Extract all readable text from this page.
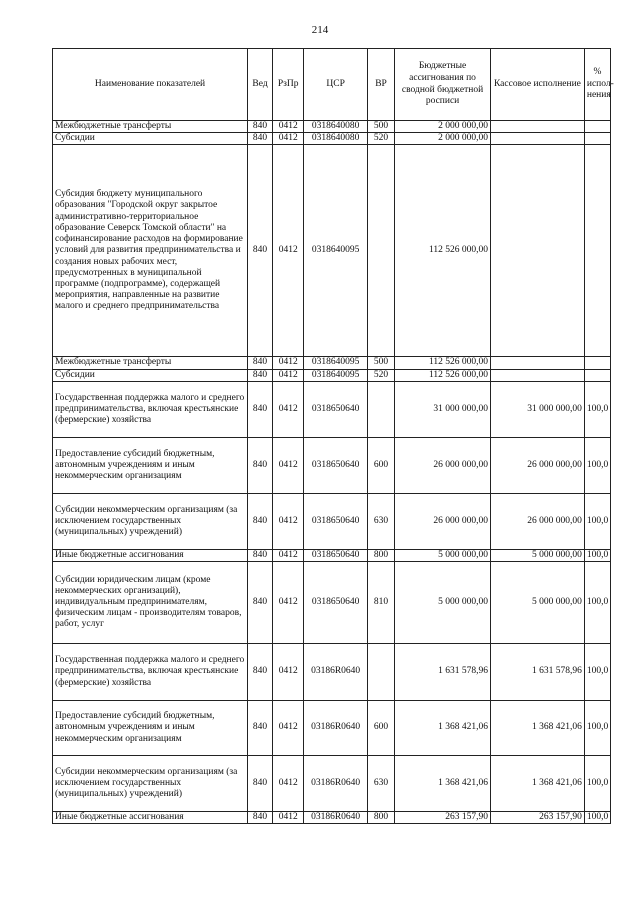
214
Наименование показателей	Вед	РзПр	ЦСР	ВР	Бюджетные ассигнования по сводной бюджетной росписи	Кассовое исполнение	% испол-нения
Межбюджетные трансферты	840	0412	0318640080	500	2 000 000,00		
Субсидии	840	0412	0318640080	520	2 000 000,00		
Субсидия бюджету муниципального образования "Городской округ закрытое административно-территориальное образование Северск Томской области" на софинансирование расходов на формирование условий для развития предпринимательства и создания новых рабочих мест, предусмотренных в муниципальной программе (подпрограмме), содержащей мероприятия, направленные на развитие малого и среднего предпринимательства	840	0412	0318640095		112 526 000,00		
Межбюджетные трансферты	840	0412	0318640095	500	112 526 000,00		
Субсидии	840	0412	0318640095	520	112 526 000,00		
Государственная поддержка малого и среднего предпринимательства, включая крестьянские (фермерские) хозяйства	840	0412	0318650640		31 000 000,00	31 000 000,00	100,0
Предоставление субсидий бюджетным, автономным учреждениям и иным некоммерческим организациям	840	0412	0318650640	600	26 000 000,00	26 000 000,00	100,0
Субсидии некоммерческим организациям (за исключением государственных (муниципальных) учреждений)	840	0412	0318650640	630	26 000 000,00	26 000 000,00	100,0
Иные бюджетные ассигнования	840	0412	0318650640	800	5 000 000,00	5 000 000,00	100,0
Субсидии юридическим лицам (кроме некоммерческих организаций), индивидуальным предпринимателям, физическим лицам - производителям товаров, работ, услуг	840	0412	0318650640	810	5 000 000,00	5 000 000,00	100,0
Государственная поддержка малого и среднего предпринимательства, включая крестьянские (фермерские) хозяйства	840	0412	03186R0640		1 631 578,96	1 631 578,96	100,0
Предоставление субсидий бюджетным, автономным учреждениям и иным некоммерческим организациям	840	0412	03186R0640	600	1 368 421,06	1 368 421,06	100,0
Субсидии некоммерческим организациям (за исключением государственных (муниципальных) учреждений)	840	0412	03186R0640	630	1 368 421,06	1 368 421,06	100,0
Иные бюджетные ассигнования	840	0412	03186R0640	800	263 157,90	263 157,90	100,0
